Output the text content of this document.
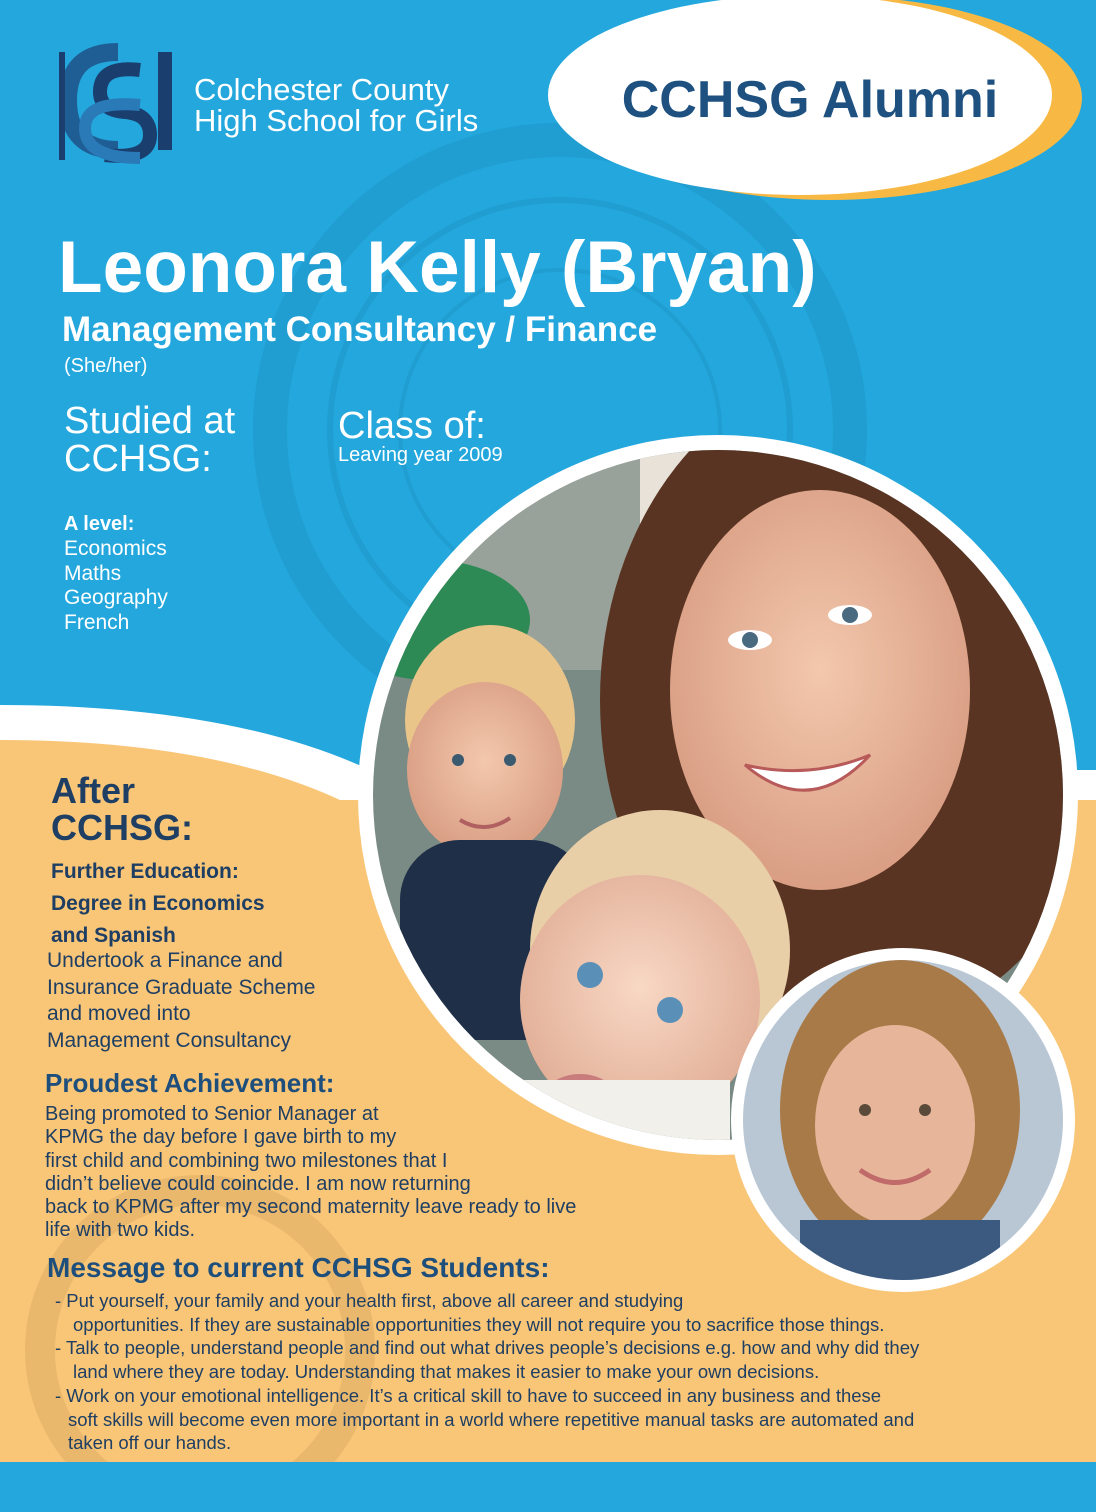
Colchester County
High School for Girls	CCHSG Alumni
Leonora Kelly (Bryan)
Management Consultancy / Finance
(She/her)
Studied at CCHSG:
Class of:
Leaving year 2009
A level:
Economics
Maths
Geography
French
After CCHSG:
Further Education:
Degree in Economics
and Spanish
Undertook a Finance and
Insurance Graduate Scheme
and moved into
Management Consultancy
Proudest Achievement:
Being promoted to Senior Manager at
KPMG the day before I gave birth to my
first child and combining two milestones that I
didn’t believe could coincide. I am now returning
back to KPMG after my second maternity leave ready to live
life with two kids.
Message to current CCHSG Students:
- Put yourself, your family and your health first, above all career and studying
opportunities. If they are sustainable opportunities they will not require you to sacrifice those things.
- Talk to people, understand people and find out what drives people’s decisions e.g. how and why did they
land where they are today. Understanding that makes it easier to make your own decisions.
- Work on your emotional intelligence. It’s a critical skill to have to succeed in any business and these
soft skills will become even more important in a world where repetitive manual tasks are automated and
taken off our hands.
